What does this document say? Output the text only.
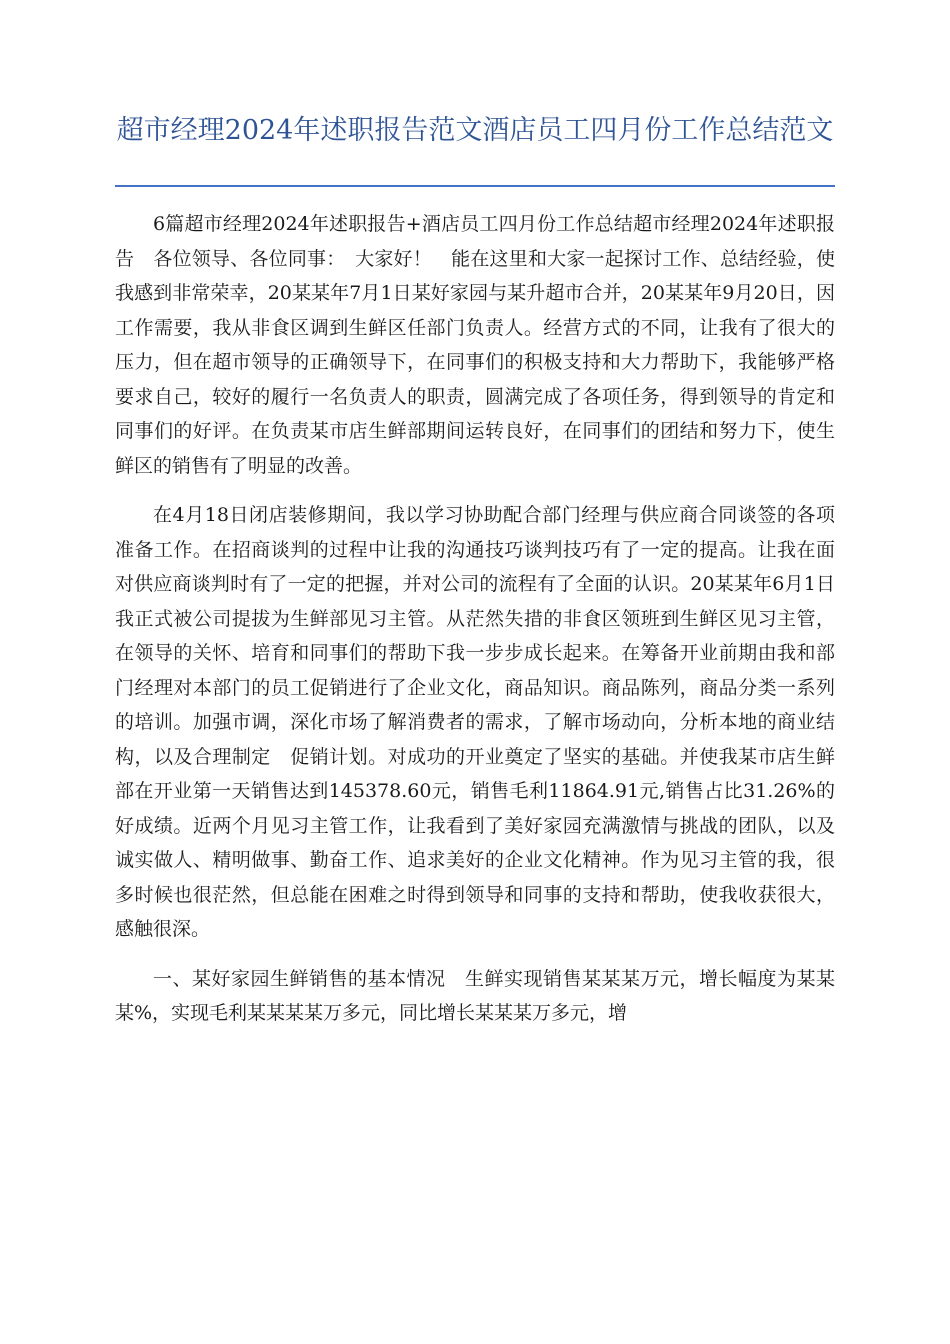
超市经理2024年述职报告范文酒店员工四月份工作总结范文

6篇超市经理2024年述职报告+酒店员工四月份工作总结超市经理2024年述职报告　各位领导、各位同事：　大家好！　能在这里和大家一起探讨工作、总结经验，使我感到非常荣幸，20某某年7月1日某好家园与某升超市合并，20某某年9月20日，因工作需要，我从非食区调到生鲜区任部门负责人。经营方式的不同，让我有了很大的压力，但在超市领导的正确领导下，在同事们的积极支持和大力帮助下，我能够严格要求自己，较好的履行一名负责人的职责，圆满完成了各项任务，得到领导的肯定和同事们的好评。在负责某市店生鲜部期间运转良好，在同事们的团结和努力下，使生鲜区的销售有了明显的改善。

在4月18日闭店装修期间，我以学习协助配合部门经理与供应商合同谈签的各项准备工作。在招商谈判的过程中让我的沟通技巧谈判技巧有了一定的提高。让我在面对供应商谈判时有了一定的把握，并对公司的流程有了全面的认识。20某某年6月1日我正式被公司提拔为生鲜部见习主管。从茫然失措的非食区领班到生鲜区见习主管，在领导的关怀、培育和同事们的帮助下我一步步成长起来。在筹备开业前期由我和部门经理对本部门的员工促销进行了企业文化，商品知识。商品陈列，商品分类一系列的培训。加强市调，深化市场了解消费者的需求，了解市场动向，分析本地的商业结构，以及合理制定　促销计划。对成功的开业奠定了坚实的基础。并使我某市店生鲜部在开业第一天销售达到145378.60元，销售毛利11864.91元,销售占比31.26%的好成绩。近两个月见习主管工作，让我看到了美好家园充满激情与挑战的团队，以及诚实做人、精明做事、勤奋工作、追求美好的企业文化精神。作为见习主管的我，很多时候也很茫然，但总能在困难之时得到领导和同事的支持和帮助，使我收获很大，感触很深。

一、某好家园生鲜销售的基本情况　生鲜实现销售某某某万元，增长幅度为某某某%，实现毛利某某某某万多元，同比增长某某某万多元，增
